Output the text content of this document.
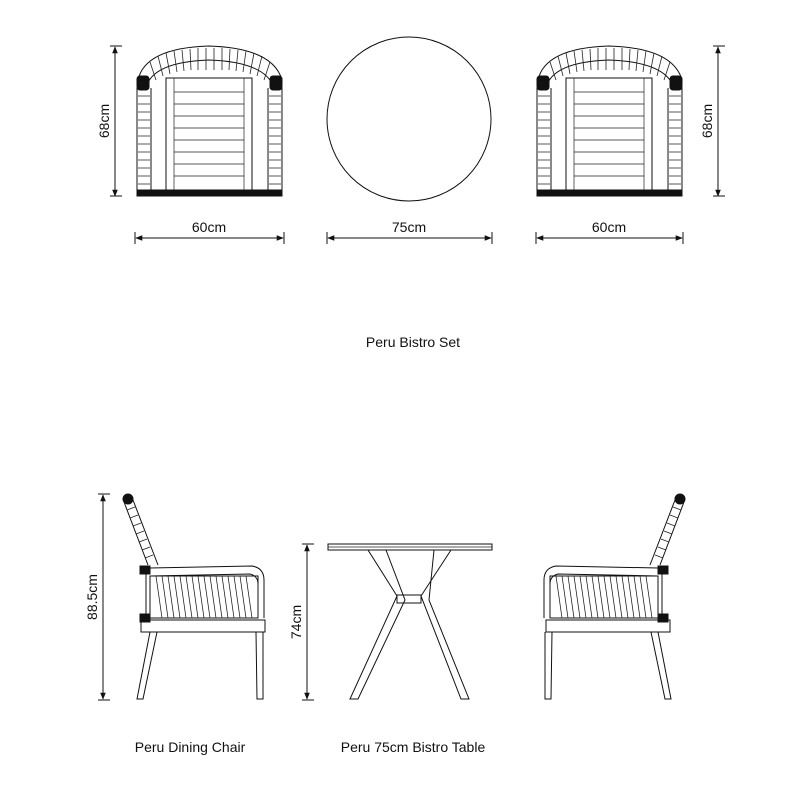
68cm
60cm	75cm	60cm
68cm
Peru Bistro Set
88.5cm
74cm
Peru Dining Chair	Peru 75cm Bistro Table
